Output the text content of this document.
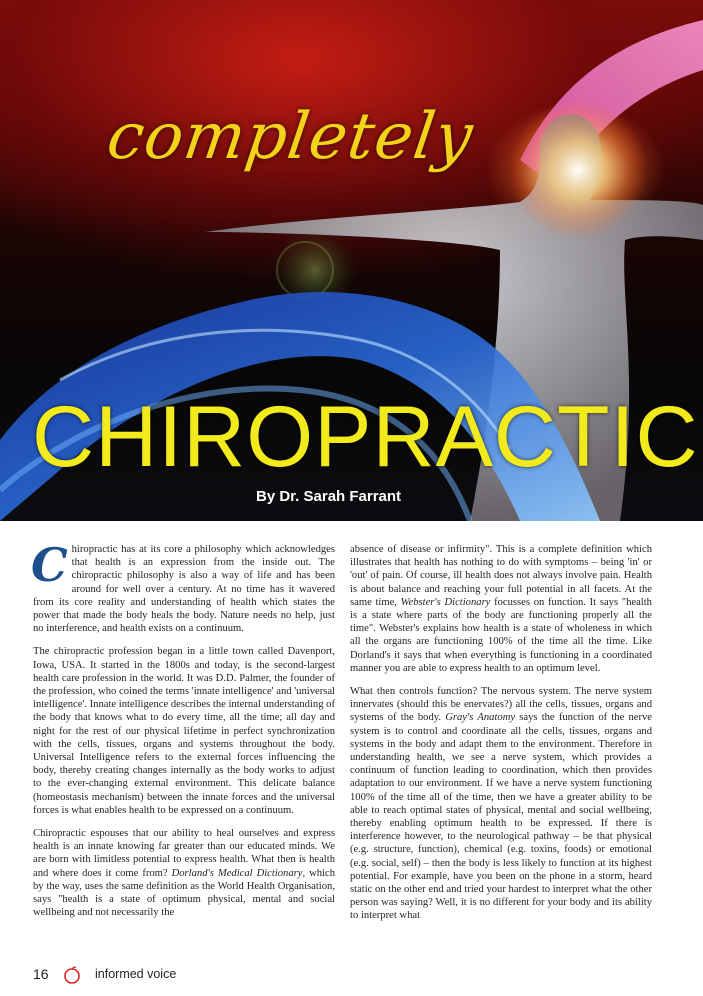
completely
CHIROPRACTIC
By Dr. Sarah Farrant

Chiropractic has at its core a philosophy which acknowledges that health is an expression from the inside out. The chiropractic philosophy is also a way of life and has been around for well over a century. At no time has it wavered from its core reality and understanding of health which states the power that made the body heals the body. Nature needs no help, just no interference, and health exists on a continuum.

The chiropractic profession began in a little town called Davenport, Iowa, USA. It started in the 1800s and today, is the second-largest health care profession in the world. It was D.D. Palmer, the founder of the profession, who coined the terms 'innate intelligence' and 'universal intelligence'. Innate intelligence describes the internal understanding of the body that knows what to do every time, all the time; all day and night for the rest of our physical lifetime in perfect synchronization with the cells, tissues, organs and systems throughout the body. Universal Intelligence refers to the external forces influencing the body, thereby creating changes internally as the body works to adjust to the ever-changing external environment. This delicate balance (homeostasis mechanism) between the innate forces and the universal forces is what enables health to be expressed on a continuum.

Chiropractic espouses that our ability to heal ourselves and express health is an innate knowing far greater than our educated minds. We are born with limitless potential to express health. What then is health and where does it come from? Dorland's Medical Dictionary, which by the way, uses the same definition as the World Health Organisation, says "health is a state of optimum physical, mental and social wellbeing and not necessarily the

absence of disease or infirmity". This is a complete definition which illustrates that health has nothing to do with symptoms – being 'in' or 'out' of pain. Of course, ill health does not always involve pain. Health is about balance and reaching your full potential in all facets. At the same time, Webster's Dictionary focusses on function. It says "health is a state where parts of the body are functioning properly all the time". Webster's explains how health is a state of wholeness in which all the organs are functioning 100% of the time all the time. Like Dorland's it says that when everything is functioning in a coordinated manner you are able to express health to an optimum level.

What then controls function? The nervous system. The nerve system innervates (should this be enervates?) all the cells, tissues, organs and systems of the body. Gray's Anatomy says the function of the nerve system is to control and coordinate all the cells, tissues, organs and systems in the body and adapt them to the environment. Therefore in understanding health, we see a nerve system, which provides a continuum of function leading to coordination, which then provides adaptation to our environment. If we have a nerve system functioning 100% of the time all of the time, then we have a greater ability to be able to reach optimal states of physical, mental and social wellbeing, thereby enabling optimum health to be expressed. If there is interference however, to the neurological pathway – be that physical (e.g. structure, function), chemical (e.g. toxins, foods) or emotional (e.g. social, self) – then the body is less likely to function at its highest potential. For example, have you been on the phone in a storm, heard static on the other end and tried your hardest to interpret what the other person was saying? Well, it is no different for your body and its ability to interpret what

16	informed voice
